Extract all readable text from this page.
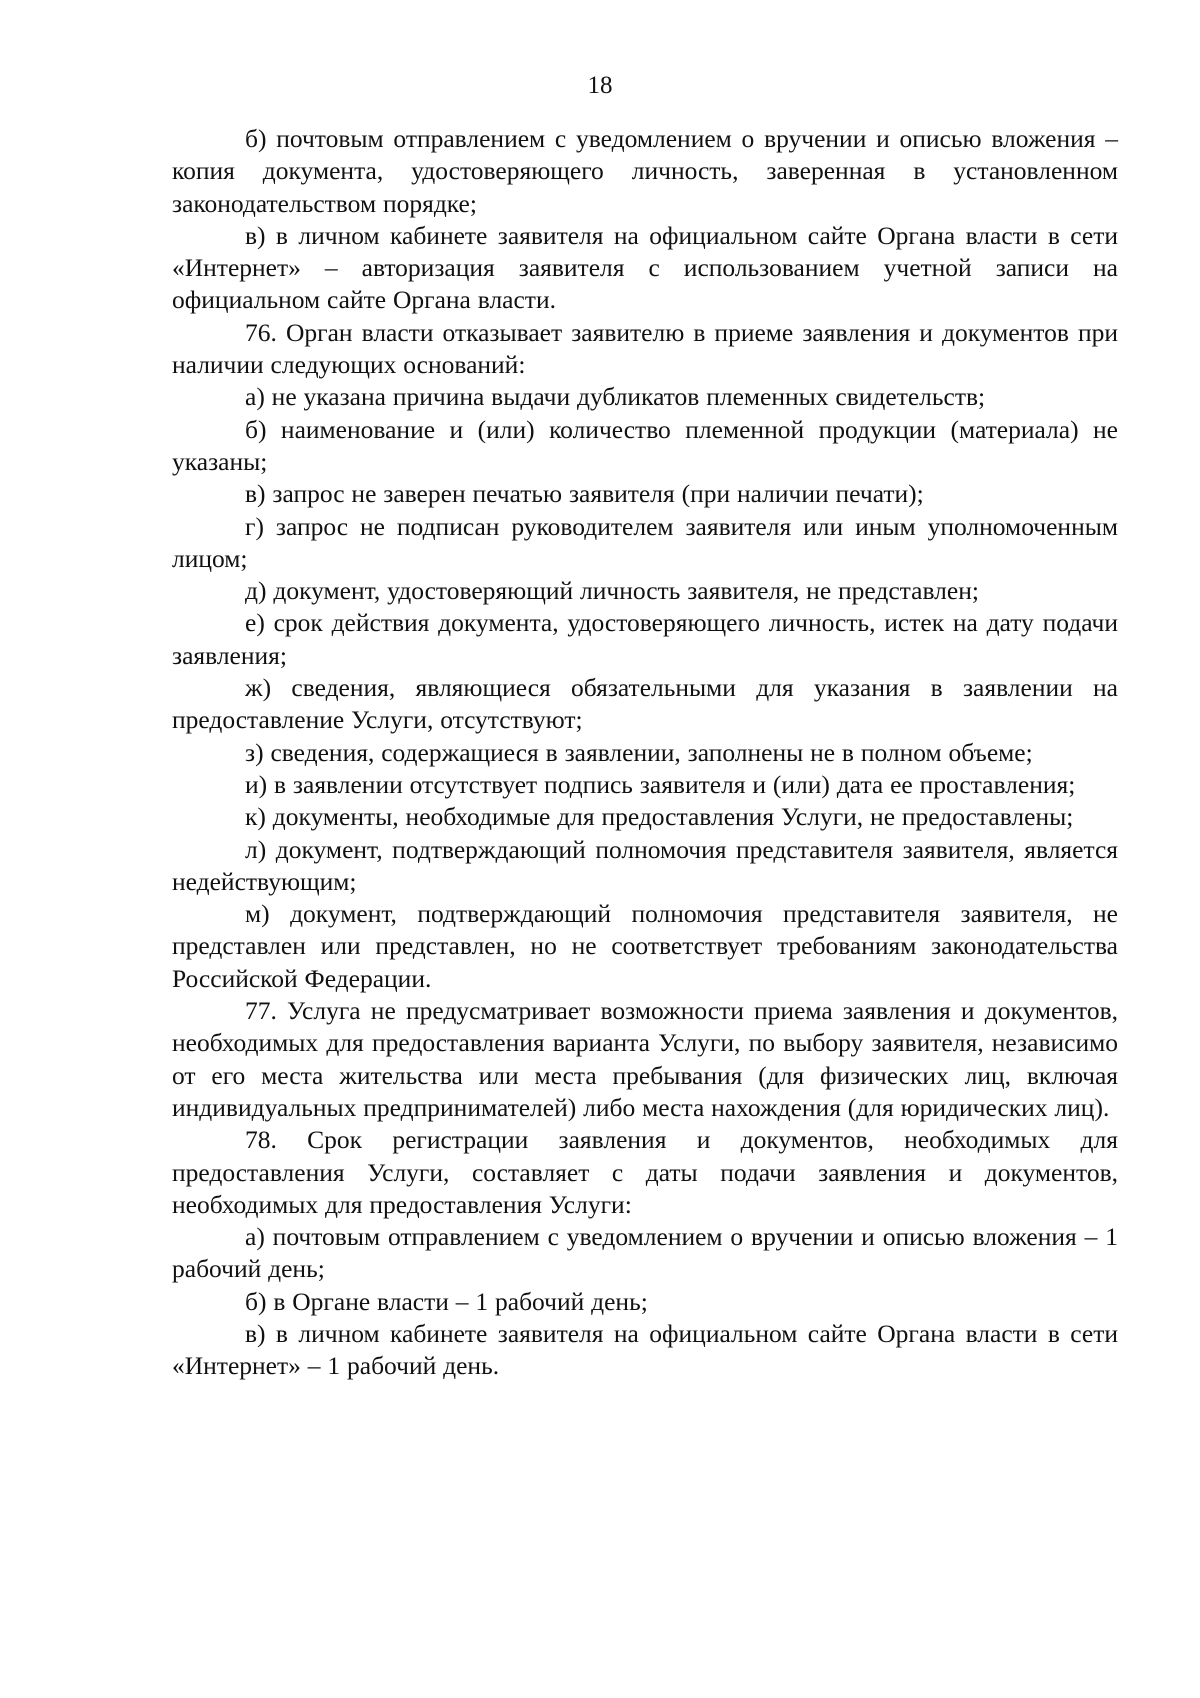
18

б) почтовым отправлением с уведомлением о вручении и описью вложения – копия документа, удостоверяющего личность, заверенная в установленном законодательством порядке;

в) в личном кабинете заявителя на официальном сайте Органа власти в сети «Интернет» – авторизация заявителя с использованием учетной записи на официальном сайте Органа власти.

76. Орган власти отказывает заявителю в приеме заявления и документов при наличии следующих оснований:

а) не указана причина выдачи дубликатов племенных свидетельств;

б) наименование и (или) количество племенной продукции (материала) не указаны;

в) запрос не заверен печатью заявителя (при наличии печати);

г) запрос не подписан руководителем заявителя или иным уполномоченным лицом;

д) документ, удостоверяющий личность заявителя, не представлен;

е) срок действия документа, удостоверяющего личность, истек на дату подачи заявления;

ж) сведения, являющиеся обязательными для указания в заявлении на предоставление Услуги, отсутствуют;

з) сведения, содержащиеся в заявлении, заполнены не в полном объеме;

и) в заявлении отсутствует подпись заявителя и (или) дата ее проставления;

к) документы, необходимые для предоставления Услуги, не предоставлены;

л) документ, подтверждающий полномочия представителя заявителя, является недействующим;

м) документ, подтверждающий полномочия представителя заявителя, не представлен или представлен, но не соответствует требованиям законодательства Российской Федерации.

77. Услуга не предусматривает возможности приема заявления и документов, необходимых для предоставления варианта Услуги, по выбору заявителя, независимо от его места жительства или места пребывания (для физических лиц, включая индивидуальных предпринимателей) либо места нахождения (для юридических лиц).

78. Срок регистрации заявления и документов, необходимых для предоставления Услуги, составляет с даты подачи заявления и документов, необходимых для предоставления Услуги:

а) почтовым отправлением с уведомлением о вручении и описью вложения – 1 рабочий день;

б) в Органе власти – 1 рабочий день;

в) в личном кабинете заявителя на официальном сайте Органа власти в сети «Интернет» – 1 рабочий день.
